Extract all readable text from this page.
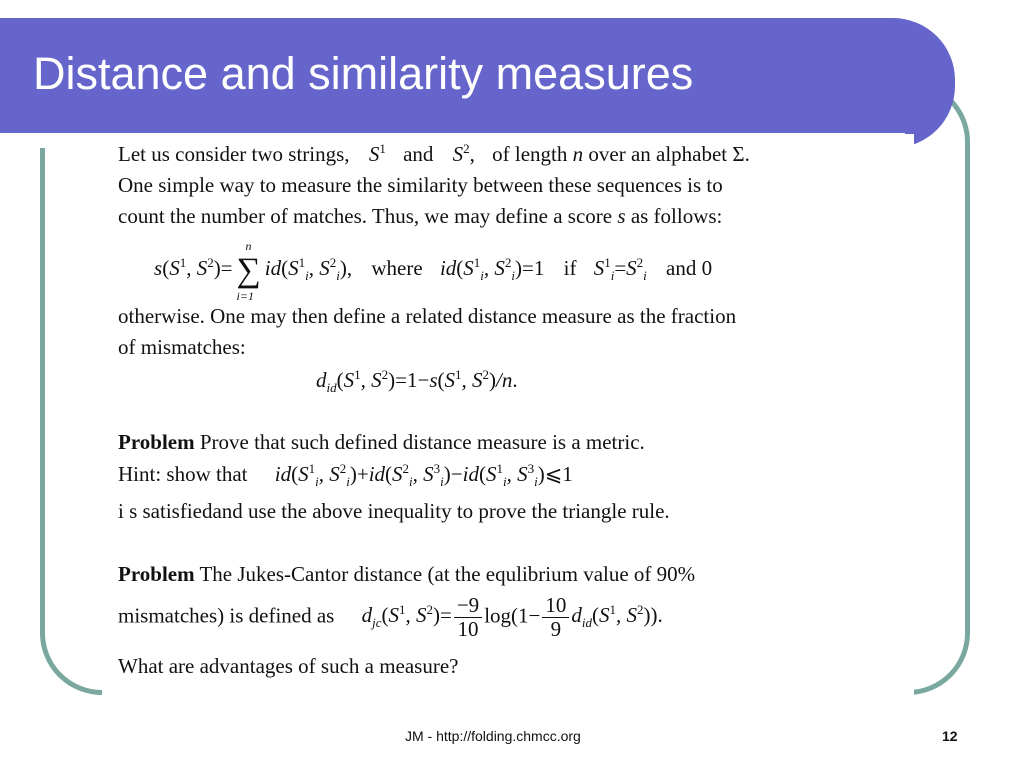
Distance and similarity measures
Let us consider two strings, $S^1$ and $S^2$, of length n over an alphabet Σ.
One simple way to measure the similarity between these sequences is to
count the number of matches. Thus, we may define a score s as follows:
$s(S^1$, $S^2)=$ ∑
n
i=1
$id(S^1_i$, $S^2_i$), where $id(S^1_i$, $S^2_i)=1$ if $S^1_i=S^2_i$ and 0
otherwise. One may then define a related distance measure as the fraction
of mismatches:
$d_{id}(S^1$, $S^2)=1-s(S^1$, $S^2)/n$.
Problem Prove that such defined distance measure is a metric.
Hint: show that $id(S^1_i$, $S^2_i)+id(S^2_i$, $S^3_i)-id(S^1_i$, $S^3_i)⩽1$
i s satisfiedand use the above inequality to prove the triangle rule.
Problem The Jukes-Cantor distance (at the equlibrium value of 90%
mismatches) is defined as $d_{jc}(S^1$, $S^2)= \frac{-9}{10} \log(1- \frac{10}{9} d_{id}(S^1$, $S^2$)).
What are advantages of such a measure?
JM - http://folding.chmcc.org	12
